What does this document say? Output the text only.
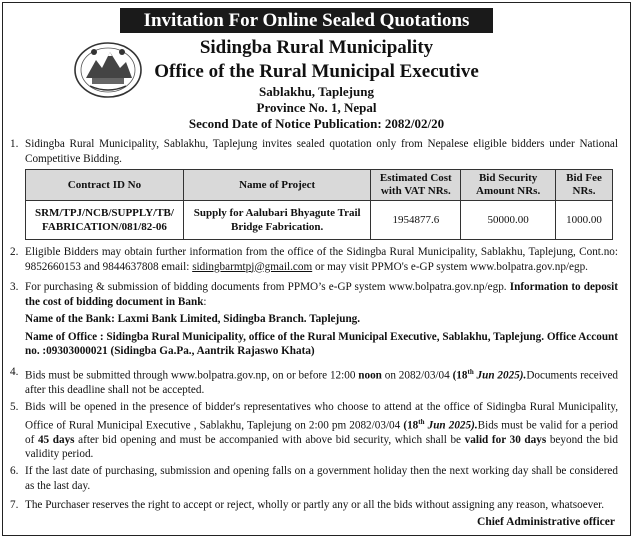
Invitation For Online Sealed Quotations
Sidingba Rural Municipality
Office of the Rural Municipal Executive
Sablakhu, Taplejung
Province No. 1, Nepal
Second Date of Notice Publication: 2082/02/20
1. Sidingba Rural Municipality, Sablakhu, Taplejung invites sealed quotation only from Nepalese eligible bidders under National Competitive Bidding.
Contract ID No	Name of Project	Estimated Cost with VAT NRs.	Bid Security Amount NRs.	Bid Fee NRs.
SRM/TPJ/NCB/SUPPLY/TB/ FABRICATION/081/82-06	Supply for Aalubari Bhyagute Trail Bridge Fabrication.	1954877.6	50000.00	1000.00
2. Eligible Bidders may obtain further information from the office of the Sidingba Rural Municipality, Sablakhu, Taplejung, Cont.no: 9852660153 and 9844637808 email: sidingbarmtpj@gmail.com or may visit PPMO's e-GP system www.bolpatra.gov.np/egp.
3. For purchasing & submission of bidding documents from PPMO’s e-GP system www.bolpatra.gov.np/egp. Information to deposit the cost of bidding document in Bank:
Name of the Bank: Laxmi Bank Limited, Sidingba Branch. Taplejung.
Name of Office : Sidingba Rural Municipality, office of the Rural Municipal Executive, Sablakhu, Taplejung. Office Account no. :09303000021 (Sidingba Ga.Pa., Aantrik Rajaswo Khata)
4. Bids must be submitted through www.bolpatra.gov.np, on or before 12:00 noon on 2082/03/04 (18th Jun 2025).Documents received after this deadline shall not be accepted.
5. Bids will be opened in the presence of bidder's representatives who choose to attend at the office of Sidingba Rural Municipality, Office of Rural Municipal Executive , Sablakhu, Taplejung on 2:00 pm 2082/03/04 (18th Jun 2025).Bids must be valid for a period of 45 days after bid opening and must be accompanied with above bid security, which shall be valid for 30 days beyond the bid validity period.
6. If the last date of purchasing, submission and opening falls on a government holiday then the next working day shall be considered as the last day.
7. The Purchaser reserves the right to accept or reject, wholly or partly any or all the bids without assigning any reason, whatsoever.
Chief Administrative officer
